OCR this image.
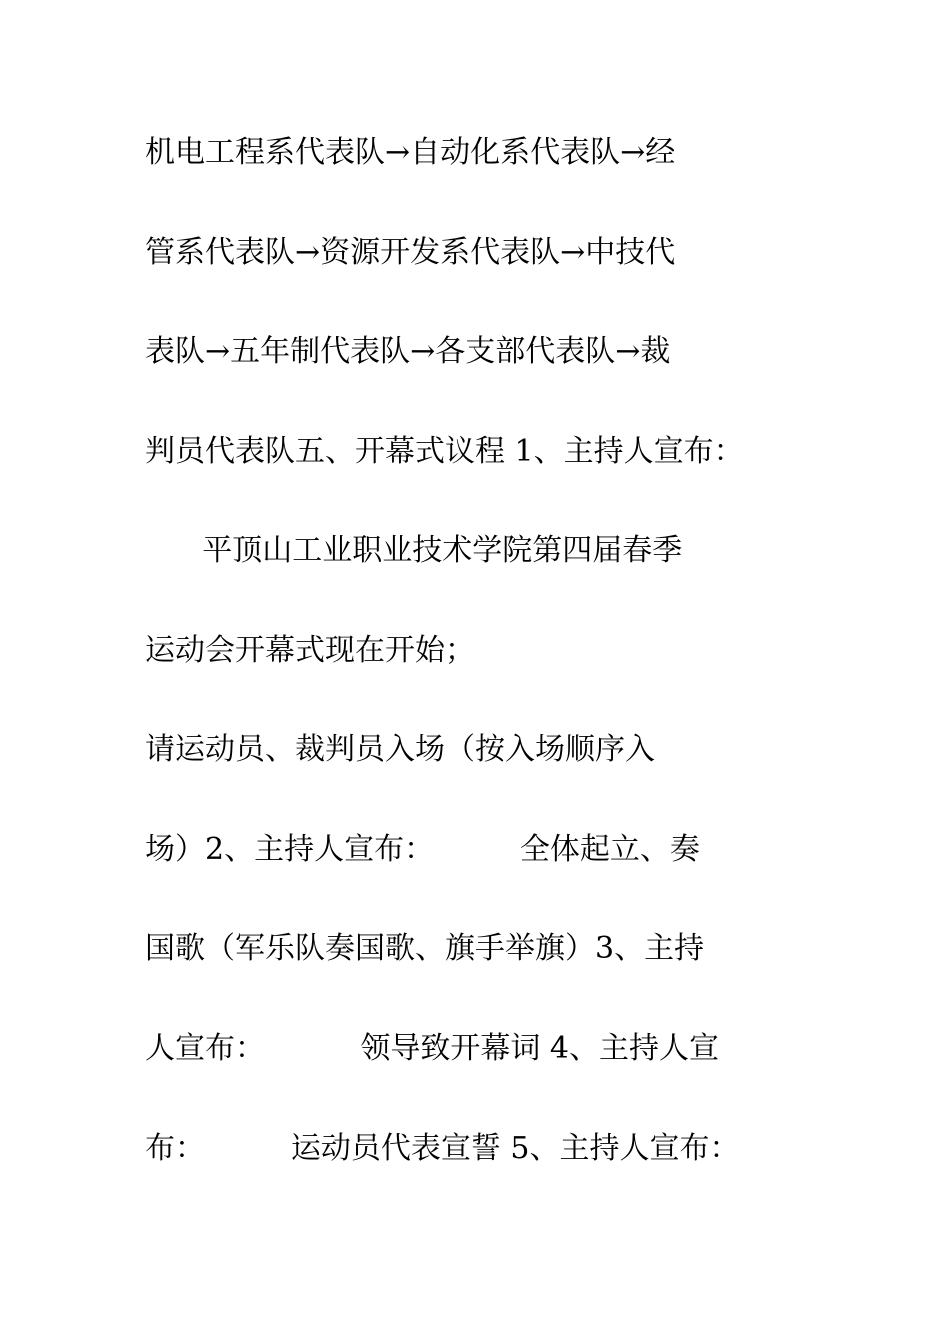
机电工程系代表队→自动化系代表队→经
管系代表队→资源开发系代表队→中技代
表队→五年制代表队→各支部代表队→裁
判员代表队五、开幕式议程 1、主持人宣布：
平顶山工业职业技术学院第四届春季
运动会开幕式现在开始；
请运动员、裁判员入场（按入场顺序入
场）2、主持人宣布：         全体起立、奏
国歌（军乐队奏国歌、旗手举旗）3、主持
人宣布：          领导致开幕词 4、主持人宣
布：         运动员代表宣誓 5、主持人宣布：
